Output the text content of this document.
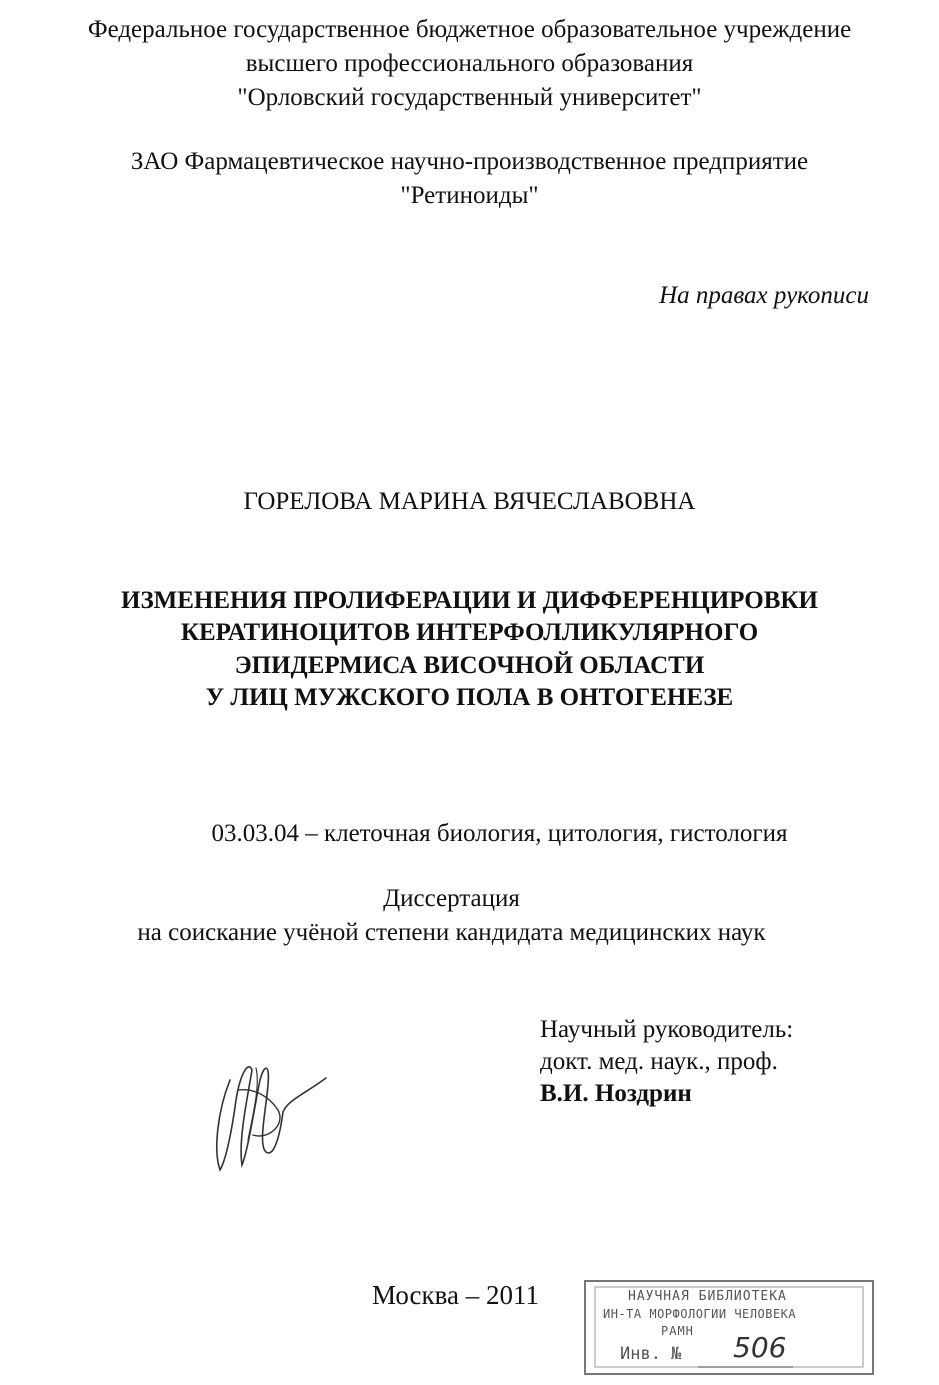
Федеральное государственное бюджетное образовательное учреждение
высшего профессионального образования
"Орловский государственный университет"
ЗАО Фармацевтическое научно-производственное предприятие
"Ретиноиды"
На правах рукописи
ГОРЕЛОВА МАРИНА ВЯЧЕСЛАВОВНА
ИЗМЕНЕНИЯ ПРОЛИФЕРАЦИИ И ДИФФЕРЕНЦИРОВКИ
КЕРАТИНОЦИТОВ ИНТЕРФОЛЛИКУЛЯРНОГО
ЭПИДЕРМИСА ВИСОЧНОЙ ОБЛАСТИ
У ЛИЦ МУЖСКОГО ПОЛА В ОНТОГЕНЕЗЕ
03.03.04 – клеточная биология, цитология, гистология
Диссертация
на соискание учёной степени кандидата медицинских наук
Научный руководитель:
докт. мед. наук., проф.
В.И. Ноздрин
Москва – 2011	НАУЧНАЯ БИБЛИОТЕКА
ИН-ТА МОРФОЛОГИИ ЧЕЛОВЕКА
РАМН
Инв. № 506
